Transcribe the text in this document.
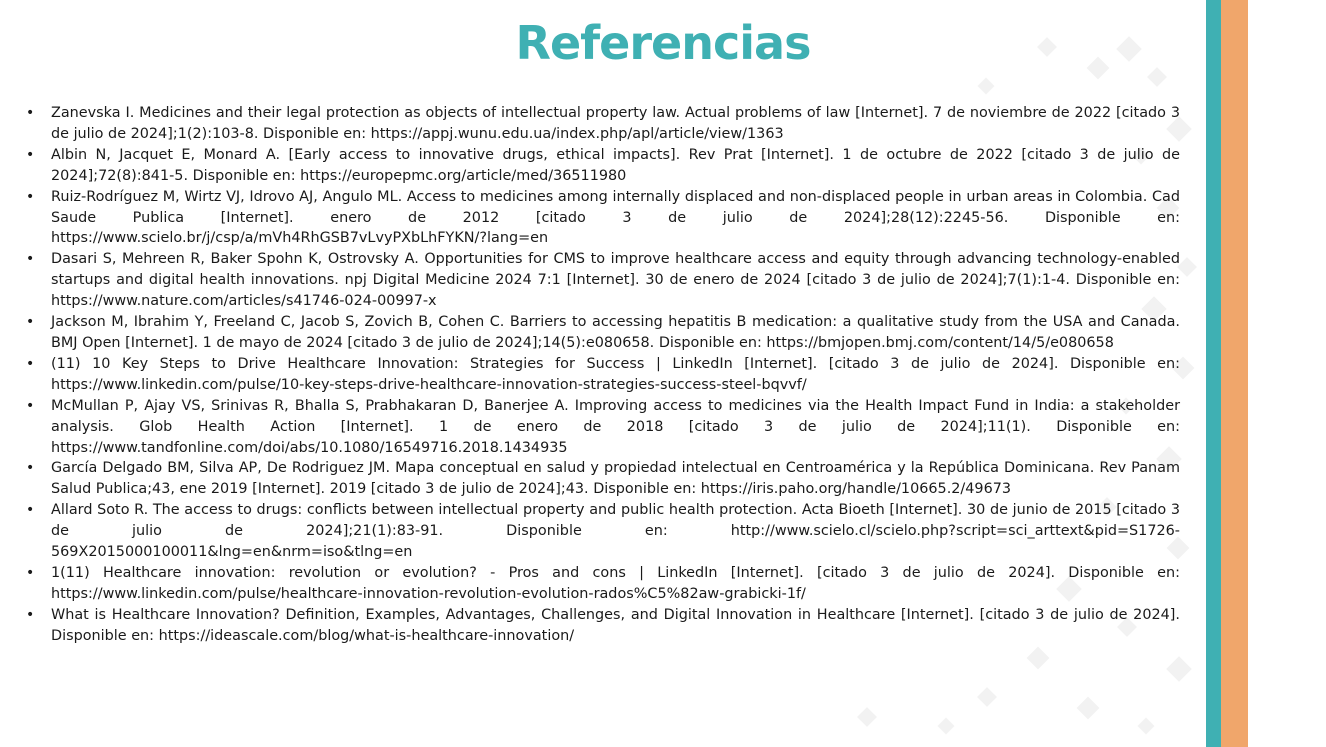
Referencias
• Zanevska I. Medicines and their legal protection as objects of intellectual property law. Actual problems of law [Internet]. 7 de noviembre de 2022 [citado 3 de julio de 2024];1(2):103-8. Disponible en: https://appj.wunu.edu.ua/index.php/apl/article/view/1363
• Albin N, Jacquet E, Monard A. [Early access to innovative drugs, ethical impacts]. Rev Prat [Internet]. 1 de octubre de 2022 [citado 3 de julio de 2024];72(8):841-5. Disponible en: https://europepmc.org/article/med/36511980
• Ruiz-Rodríguez M, Wirtz VJ, Idrovo AJ, Angulo ML. Access to medicines among internally displaced and non-displaced people in urban areas in Colombia. Cad Saude Publica [Internet]. enero de 2012 [citado 3 de julio de 2024];28(12):2245-56. Disponible en: https://www.scielo.br/j/csp/a/mVh4RhGSB7vLvyPXbLhFYKN/?lang=en
• Dasari S, Mehreen R, Baker Spohn K, Ostrovsky A. Opportunities for CMS to improve healthcare access and equity through advancing technology-enabled startups and digital health innovations. npj Digital Medicine 2024 7:1 [Internet]. 30 de enero de 2024 [citado 3 de julio de 2024];7(1):1-4. Disponible en: https://www.nature.com/articles/s41746-024-00997-x
• Jackson M, Ibrahim Y, Freeland C, Jacob S, Zovich B, Cohen C. Barriers to accessing hepatitis B medication: a qualitative study from the USA and Canada. BMJ Open [Internet]. 1 de mayo de 2024 [citado 3 de julio de 2024];14(5):e080658. Disponible en: https://bmjopen.bmj.com/content/14/5/e080658
• (11) 10 Key Steps to Drive Healthcare Innovation: Strategies for Success | LinkedIn [Internet]. [citado 3 de julio de 2024]. Disponible en: https://www.linkedin.com/pulse/10-key-steps-drive-healthcare-innovation-strategies-success-steel-bqvvf/
• McMullan P, Ajay VS, Srinivas R, Bhalla S, Prabhakaran D, Banerjee A. Improving access to medicines via the Health Impact Fund in India: a stakeholder analysis. Glob Health Action [Internet]. 1 de enero de 2018 [citado 3 de julio de 2024];11(1). Disponible en: https://www.tandfonline.com/doi/abs/10.1080/16549716.2018.1434935
• García Delgado BM, Silva AP, De Rodriguez JM. Mapa conceptual en salud y propiedad intelectual en Centroamérica y la República Dominicana. Rev Panam Salud Publica;43, ene 2019 [Internet]. 2019 [citado 3 de julio de 2024];43. Disponible en: https://iris.paho.org/handle/10665.2/49673
• Allard Soto R. The access to drugs: conflicts between intellectual property and public health protection. Acta Bioeth [Internet]. 30 de junio de 2015 [citado 3 de julio de 2024];21(1):83-91. Disponible en: http://www.scielo.cl/scielo.php?script=sci_arttext&pid=S1726-569X2015000100011&lng=en&nrm=iso&tlng=en
• 1(11) Healthcare innovation: revolution or evolution? - Pros and cons | LinkedIn [Internet]. [citado 3 de julio de 2024]. Disponible en: https://www.linkedin.com/pulse/healthcare-innovation-revolution-evolution-rados%C5%82aw-grabicki-1f/
• What is Healthcare Innovation? Definition, Examples, Advantages, Challenges, and Digital Innovation in Healthcare [Internet]. [citado 3 de julio de 2024]. Disponible en: https://ideascale.com/blog/what-is-healthcare-innovation/
